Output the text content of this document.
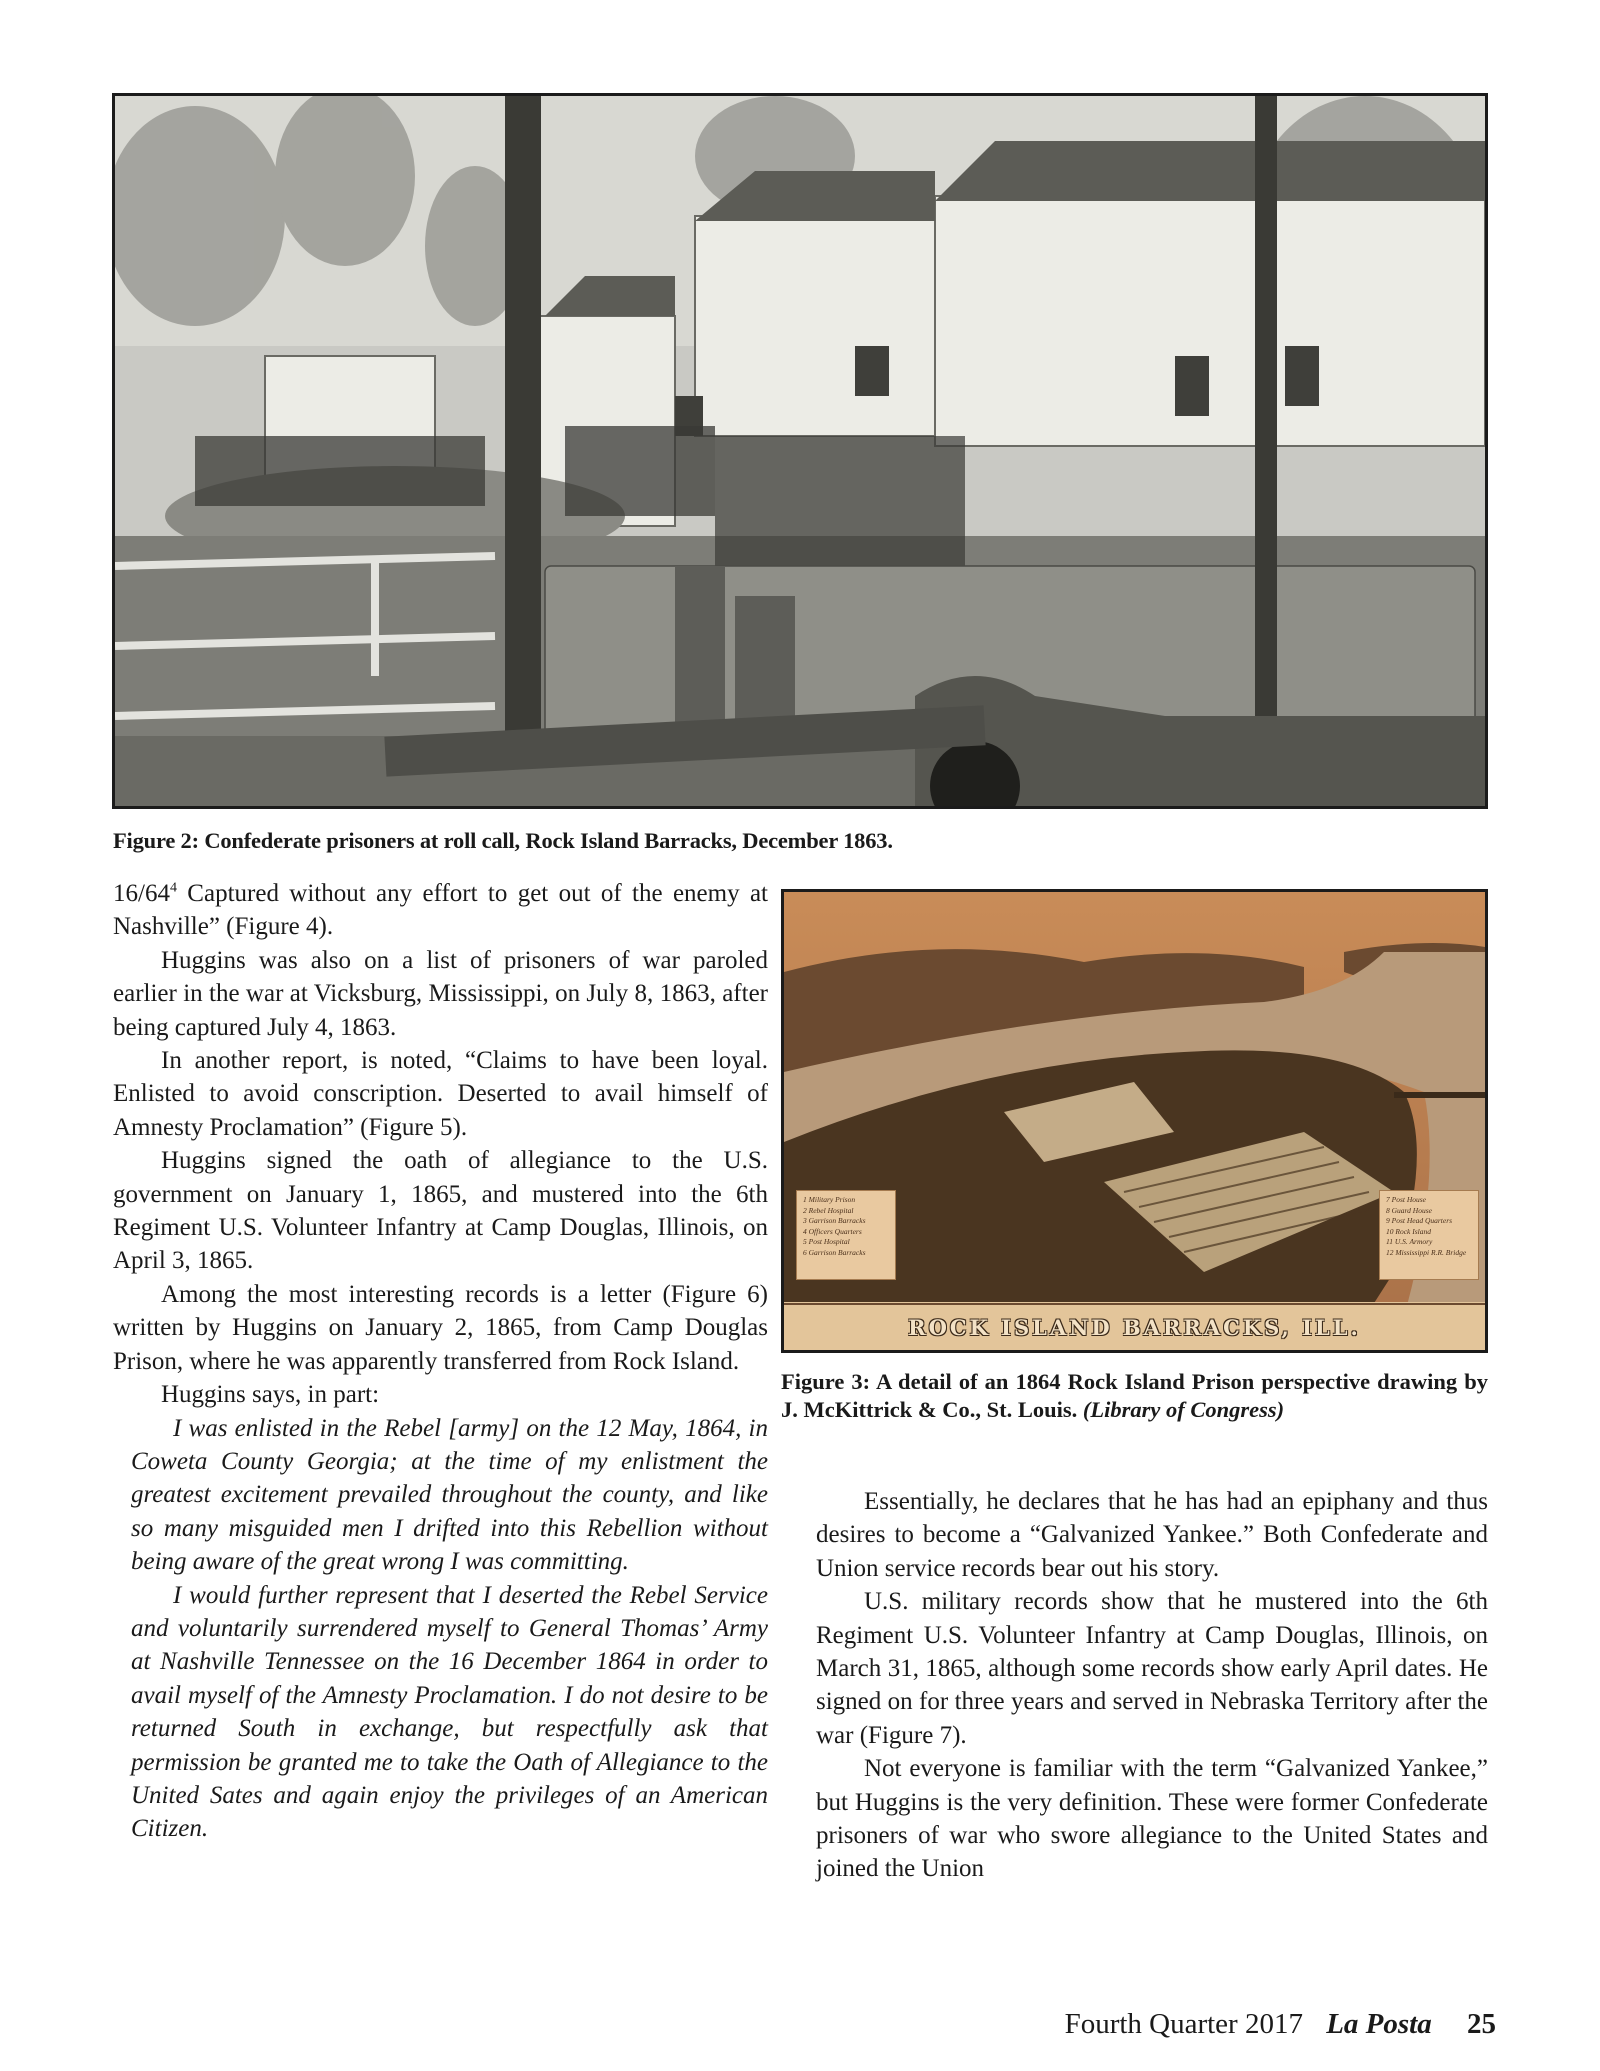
Figure 2: Confederate prisoners at roll call, Rock Island Barracks, December 1863.

$16/64^4$ Captured without any effort to get out of the enemy at Nashville” (Figure 4).

Huggins was also on a list of prisoners of war paroled earlier in the war at Vicksburg, Mississippi, on July 8, 1863, after being captured July 4, 1863.

In another report, is noted, “Claims to have been loyal. Enlisted to avoid conscription. Deserted to avail himself of Amnesty Proclamation” (Figure 5).

Huggins signed the oath of allegiance to the U.S. government on January 1, 1865, and mustered into the 6th Regiment U.S. Volunteer Infantry at Camp Douglas, Illinois, on April 3, 1865.

Among the most interesting records is a letter (Figure 6) written by Huggins on January 2, 1865, from Camp Douglas Prison, where he was apparently transferred from Rock Island.

Huggins says, in part:

I was enlisted in the Rebel [army] on the 12 May, 1864, in Coweta County Georgia; at the time of my enlistment the greatest excitement prevailed throughout the county, and like so many misguided men I drifted into this Rebellion without being aware of the great wrong I was committing.

I would further represent that I deserted the Rebel Service and voluntarily surrendered myself to General Thomas’ Army at Nashville Tennessee on the 16 December 1864 in order to avail myself of the Amnesty Proclamation. I do not desire to be returned South in exchange, but respectfully ask that permission be granted me to take the Oath of Allegiance to the United Sates and again enjoy the privileges of an American Citizen.

1 Military Prison
2 Rebel Hospital
3 Garrison Barracks
4 Officers Quarters
5 Post Hospital
6 Garrison Barracks
7 Post House
8 Guard House
9 Post Head Quarters
10 Rock Island
11 U.S. Armory
12 Mississippi R.R. Bridge
ROCK ISLAND BARRACKS, ILL.
Figure 3: A detail of an 1864 Rock Island Prison perspective drawing by J. McKittrick & Co., St. Louis. (Library of Congress)

Essentially, he declares that he has had an epiphany and thus desires to become a “Galvanized Yankee.” Both Confederate and Union service records bear out his story.

U.S. military records show that he mustered into the 6th Regiment U.S. Volunteer Infantry at Camp Douglas, Illinois, on March 31, 1865, although some records show early April dates. He signed on for three years and served in Nebraska Territory after the war (Figure 7).

Not everyone is familiar with the term “Galvanized Yankee,” but Huggins is the very definition. These were former Confederate prisoners of war who swore allegiance to the United States and joined the Union

Fourth Quarter 2017 La Posta 25
